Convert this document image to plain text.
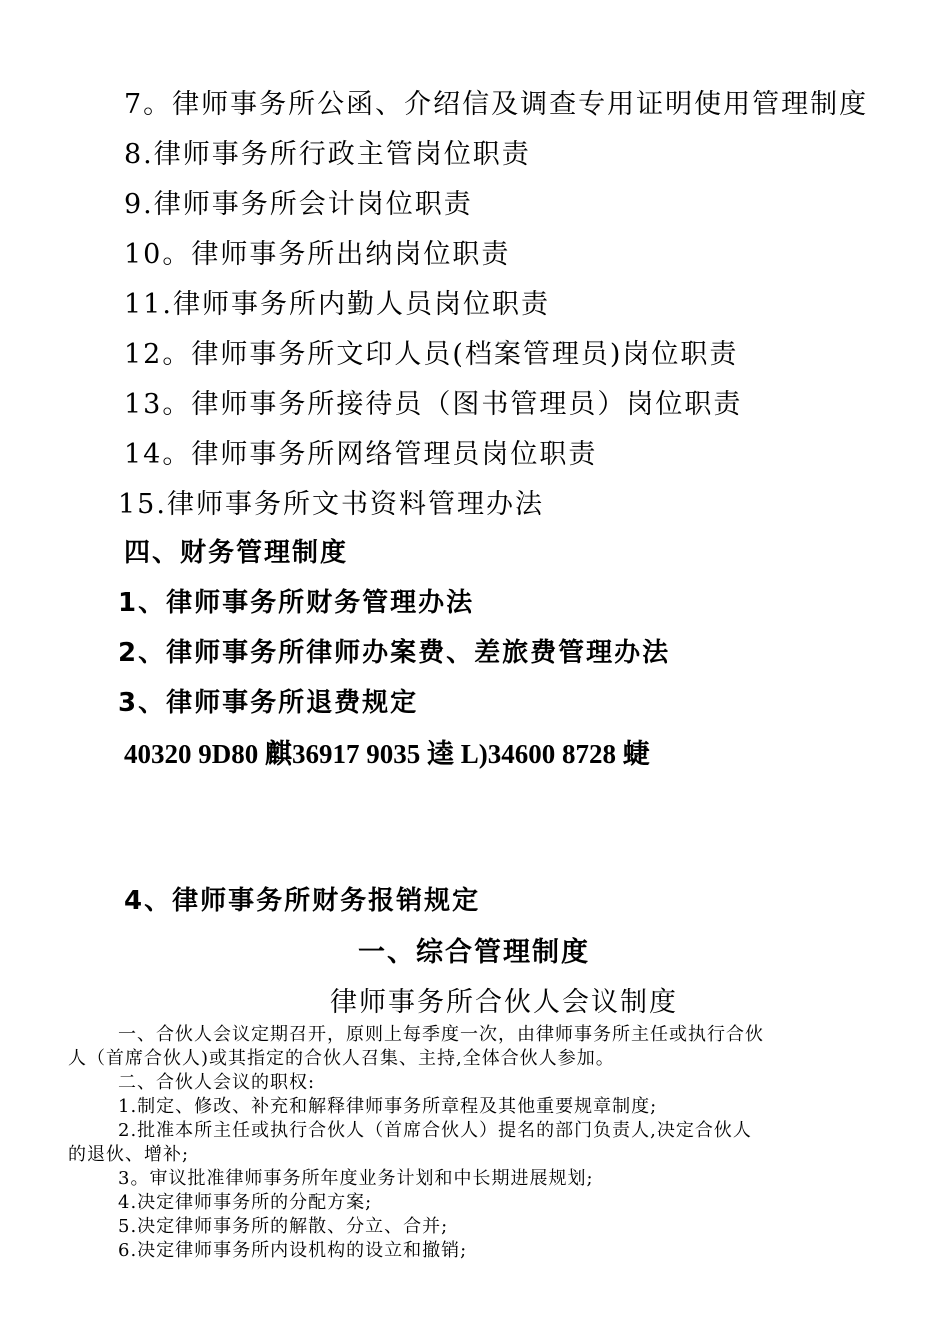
7。律师事务所公函、介绍信及调查专用证明使用管理制度
8.律师事务所行政主管岗位职责
9.律师事务所会计岗位职责
10。律师事务所出纳岗位职责
11.律师事务所内勤人员岗位职责
12。律师事务所文印人员(档案管理员)岗位职责
13。律师事务所接待员（图书管理员）岗位职责
14。律师事务所网络管理员岗位职责
15.律师事务所文书资料管理办法
四、财务管理制度
1、律师事务所财务管理办法
2、律师事务所律师办案费、差旅费管理办法
3、律师事务所退费规定
40320 9D80 麒36917 9035 逵 L)34600 8728 蜨
4、律师事务所财务报销规定
一、综合管理制度
律师事务所合伙人会议制度
一、合伙人会议定期召开，原则上每季度一次，由律师事务所主任或执行合伙
人（首席合伙人)或其指定的合伙人召集、主持,全体合伙人参加。
二、合伙人会议的职权:
1.制定、修改、补充和解释律师事务所章程及其他重要规章制度;
2.批准本所主任或执行合伙人（首席合伙人）提名的部门负责人,决定合伙人
的退伙、增补;
3。审议批准律师事务所年度业务计划和中长期进展规划;
4.决定律师事务所的分配方案;
5.决定律师事务所的解散、分立、合并;
6.决定律师事务所内设机构的设立和撤销;
